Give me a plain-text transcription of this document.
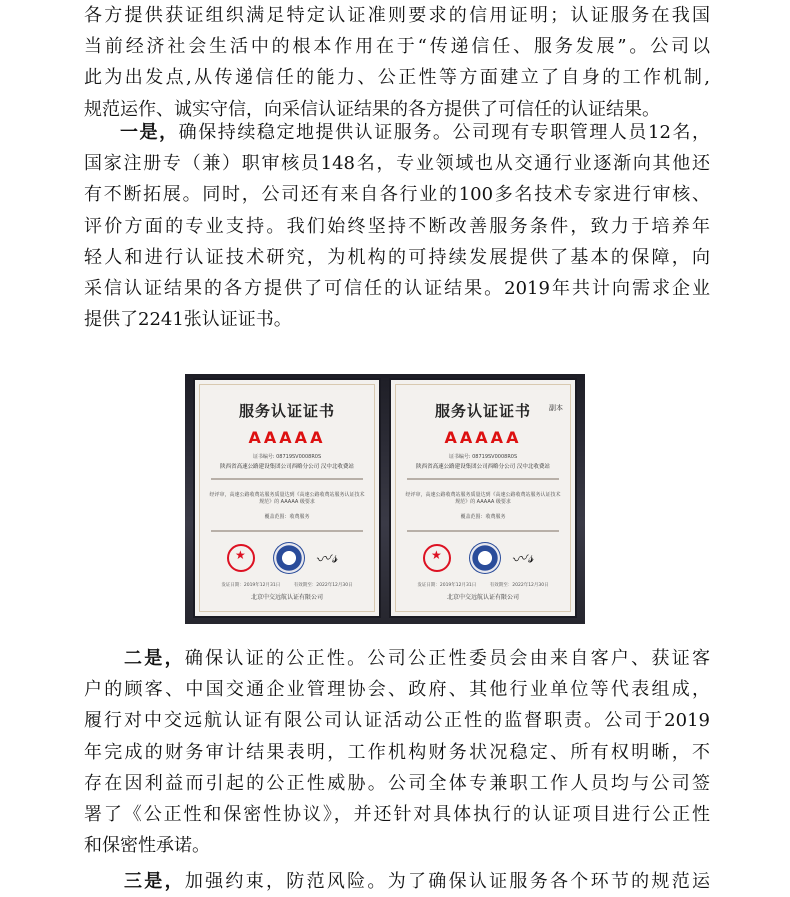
各方提供获证组织满足特定认证准则要求的信用证明；认证服务在我国
当前经济社会生活中的根本作用在于“传递信任、服务发展”。公司以
此为出发点,从传递信任的能力、公正性等方面建立了自身的工作机制,
规范运作、诚实守信，向采信认证结果的各方提供了可信任的认证结果。
一是，确保持续稳定地提供认证服务。公司现有专职管理人员12名，
国家注册专（兼）职审核员148名，专业领域也从交通行业逐渐向其他还
有不断拓展。同时，公司还有来自各行业的100多名技术专家进行审核、
评价方面的专业支持。我们始终坚持不断改善服务条件，致力于培养年
轻人和进行认证技术研究，为机构的可持续发展提供了基本的保障，向
采信认证结果的各方提供了可信任的认证结果。2019年共计向需求企业
提供了2241张认证证书。
服务认证证书
AAAAA
证书编号: 08719SV0008R0S
陕西省高速公路建设集团公司西略分公司 汉中北收费站
经评审，高速公路收费站服务质量达到《高速公路收费站服务认证技术规范》的 AAAAA 级要求
覆盖范围：收费服务
★
〰𝓈
发证日期：2019年12月31日　　　有效期至：2022年12月30日
北京中交远航认证有限公司
服务认证证书	副本
AAAAA
证书编号: 08719SV0008R0S
陕西省高速公路建设集团公司西略分公司 汉中北收费站
经评审，高速公路收费站服务质量达到《高速公路收费站服务认证技术规范》的 AAAAA 级要求
覆盖范围：收费服务
★
〰𝓈
发证日期：2019年12月31日　　　有效期至：2022年12月30日
北京中交远航认证有限公司
二是，确保认证的公正性。公司公正性委员会由来自客户、获证客
户的顾客、中国交通企业管理协会、政府、其他行业单位等代表组成，
履行对中交远航认证有限公司认证活动公正性的监督职责。公司于2019
年完成的财务审计结果表明，工作机构财务状况稳定、所有权明晰，不
存在因利益而引起的公正性威胁。公司全体专兼职工作人员均与公司签
署了《公正性和保密性协议》，并还针对具体执行的认证项目进行公正性
和保密性承诺。
三是，加强约束，防范风险。为了确保认证服务各个环节的规范运
